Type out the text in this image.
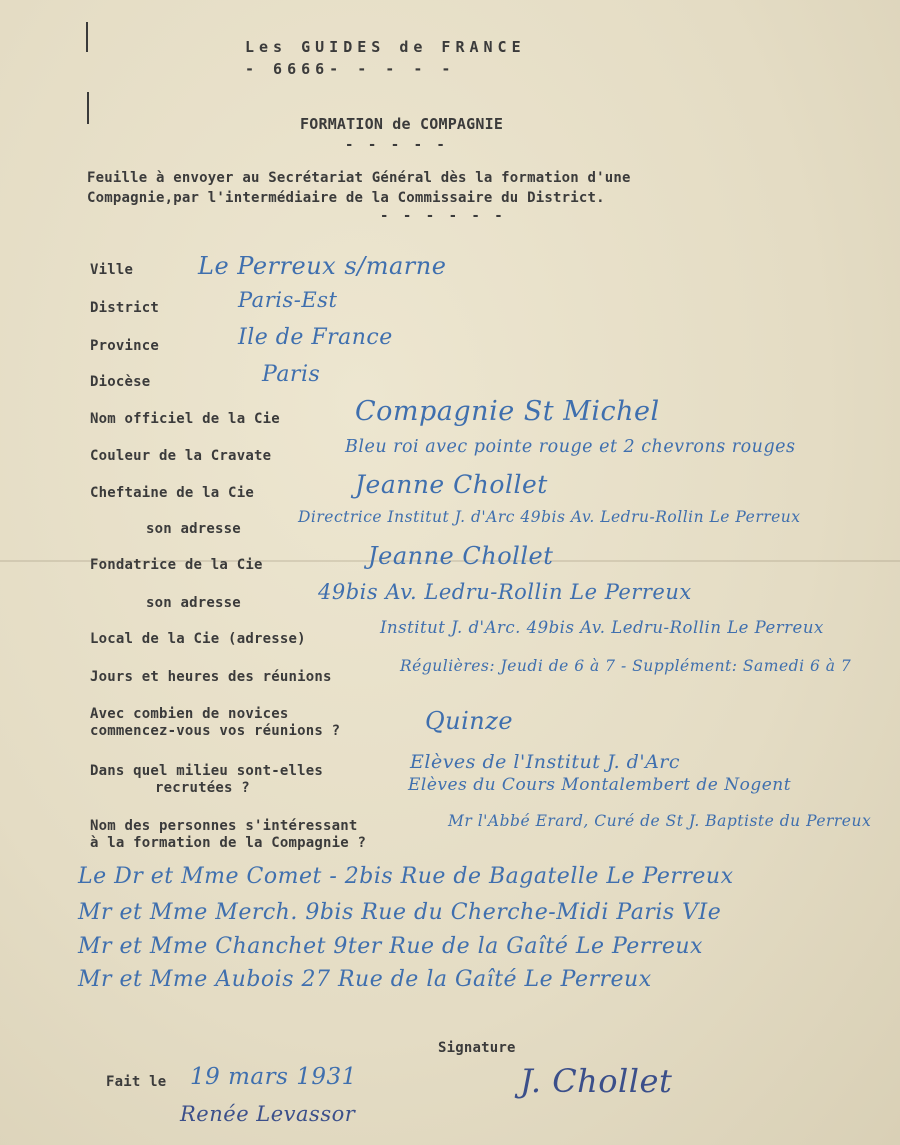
Les GUIDES de FRANCE
- 6666- - - - -
FORMATION de COMPAGNIE
- - - - -
Feuille à envoyer au Secrétariat Général dès la formation d'une
Compagnie,par l'intermédiaire de la Commissaire du District.
- - - - - -
Ville
District
Province
Diocèse
Nom officiel de la Cie
Couleur de la Cravate
Cheftaine de la Cie
son adresse
Fondatrice de la Cie
son adresse
Local de la Cie (adresse)
Jours et heures des réunions
Avec combien de novices
commencez-vous vos réunions ?
Dans quel milieu sont-elles
recrutées ?
Nom des personnes s'intéressant
à la formation de la Compagnie ?
Le Perreux s/marne
Paris-Est
Ile de France
Paris
Compagnie St Michel
Bleu roi avec pointe rouge et 2 chevrons rouges
Jeanne Chollet
Directrice Institut J. d'Arc 49bis Av. Ledru-Rollin Le Perreux
Jeanne Chollet
49bis Av. Ledru-Rollin Le Perreux
Institut J. d'Arc. 49bis Av. Ledru-Rollin Le Perreux
Régulières: Jeudi de 6 à 7 - Supplément: Samedi 6 à 7
Quinze
Elèves de l'Institut J. d'Arc
Elèves du Cours Montalembert de Nogent
Mr l'Abbé Erard, Curé de St J. Baptiste du Perreux
Le Dr et Mme Comet - 2bis Rue de Bagatelle Le Perreux
Mr et Mme Merch. 9bis Rue du Cherche-Midi Paris VIe
Mr et Mme Chanchet 9ter Rue de la Gaîté Le Perreux
Mr et Mme Aubois 27 Rue de la Gaîté Le Perreux
Signature
Fait le 19 mars 1931	J. Chollet
Renée Levassor
